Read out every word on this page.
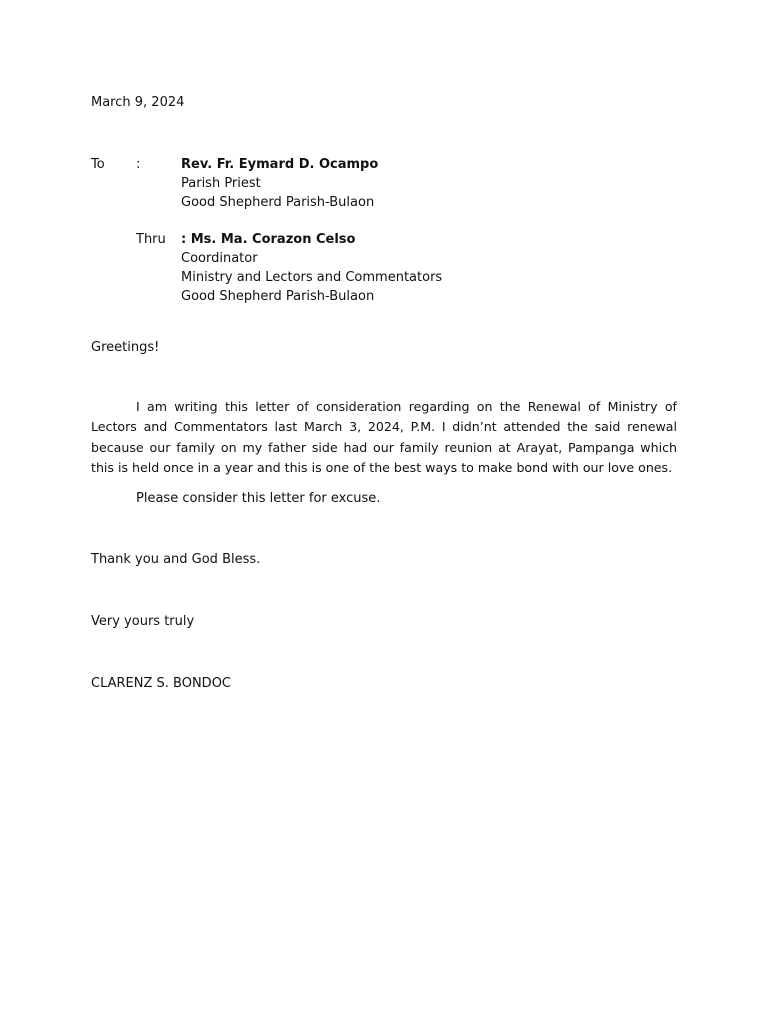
March 9, 2024
To :	Rev. Fr. Eymard D. Ocampo
Parish Priest
Good Shepherd Parish-Bulaon
Thru : Ms. Ma. Corazon Celso
Coordinator
Ministry and Lectors and Commentators
Good Shepherd Parish-Bulaon
Greetings!
I am writing this letter of consideration regarding on the Renewal of Ministry of Lectors and Commentators last March 3, 2024, P.M. I didn’nt attended the said renewal because our family on my father side had our family reunion at Arayat, Pampanga which this is held once in a year and this is one of the best ways to make bond with our love ones.
Please consider this letter for excuse.
Thank you and God Bless.
Very yours truly
CLARENZ S. BONDOC
